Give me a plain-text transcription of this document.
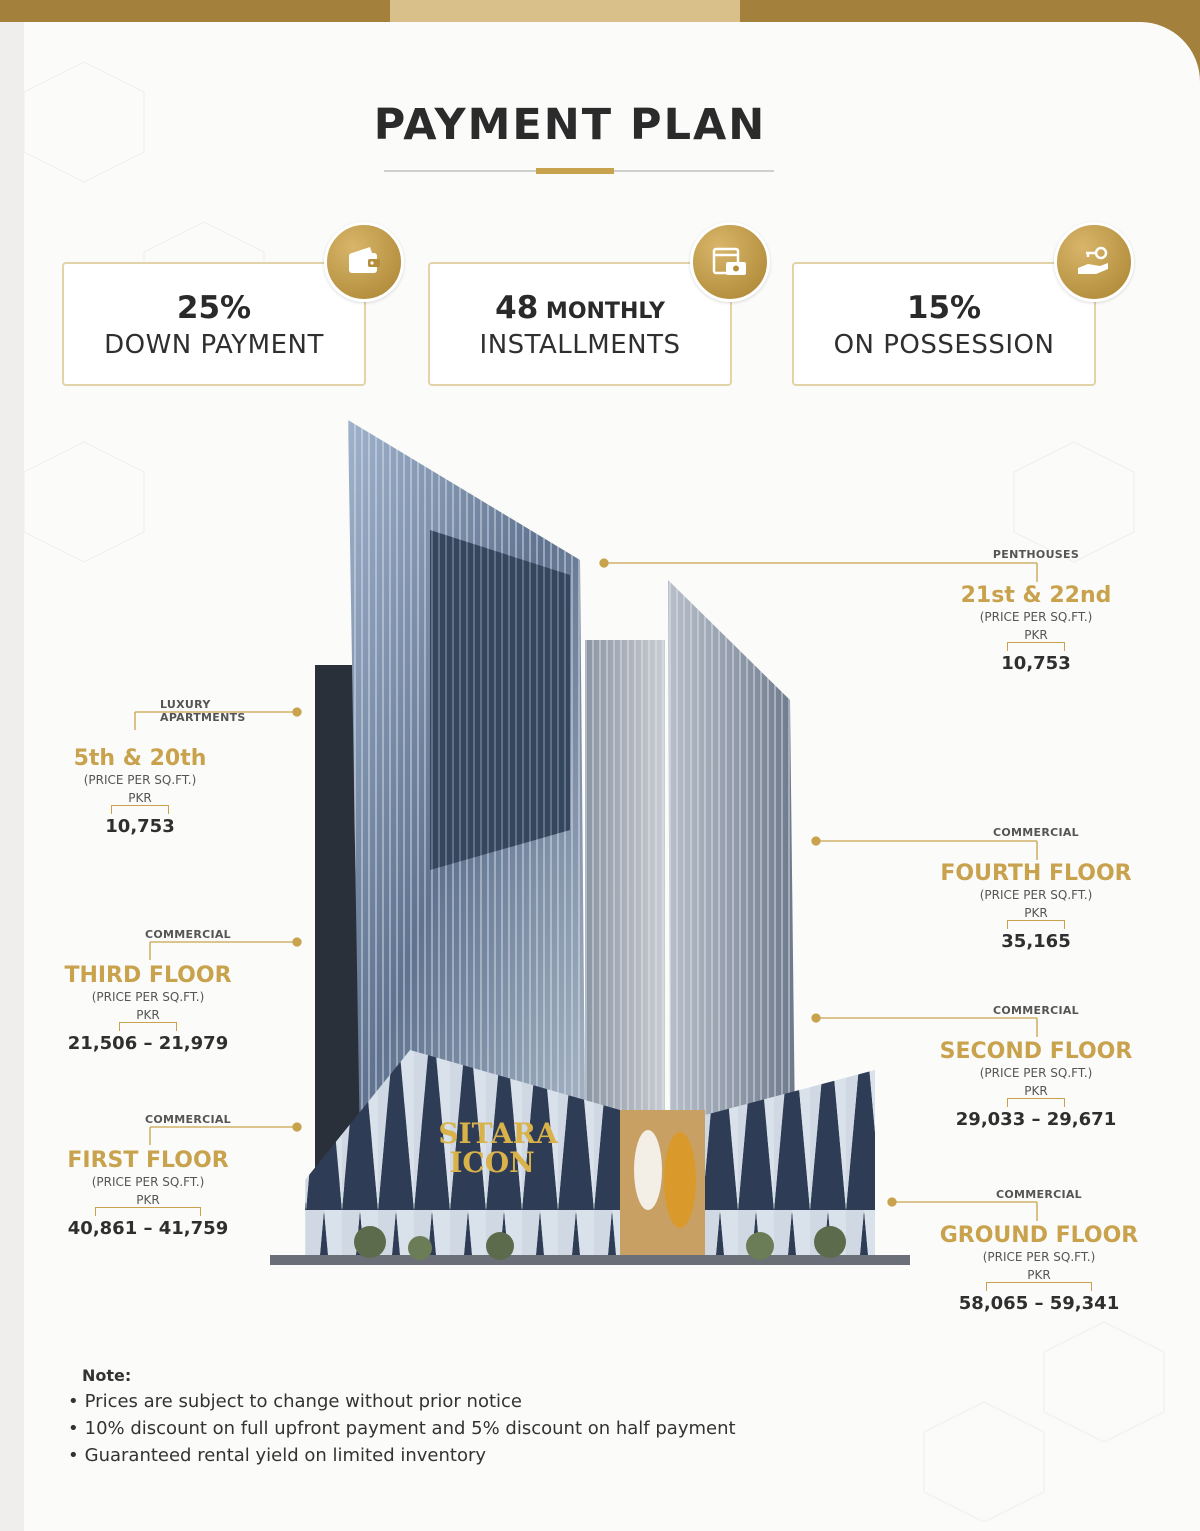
PAYMENT PLAN
25%
DOWN PAYMENT
48 MONTHLY
INSTALLMENTS
15%
ON POSSESSION
SITARA
ICON
PENTHOUSES
21st & 22nd
(PRICE PER SQ.FT.)
PKR
10,753
LUXURY APARTMENTS
5th & 20th
(PRICE PER SQ.FT.)
PKR
10,753	COMMERCIAL
FOURTH FLOOR
(PRICE PER SQ.FT.)
PKR
35,165
COMMERCIAL
THIRD FLOOR
(PRICE PER SQ.FT.)
PKR
21,506 – 21,979
COMMERCIAL
SECOND FLOOR
(PRICE PER SQ.FT.)
PKR
29,033 – 29,671
COMMERCIAL
FIRST FLOOR
(PRICE PER SQ.FT.)
PKR
40,861 – 41,759
COMMERCIAL
GROUND FLOOR
(PRICE PER SQ.FT.)
PKR
58,065 – 59,341
Note:
• Prices are subject to change without prior notice
• 10% discount on full upfront payment and 5% discount on half payment
• Guaranteed rental yield on limited inventory
